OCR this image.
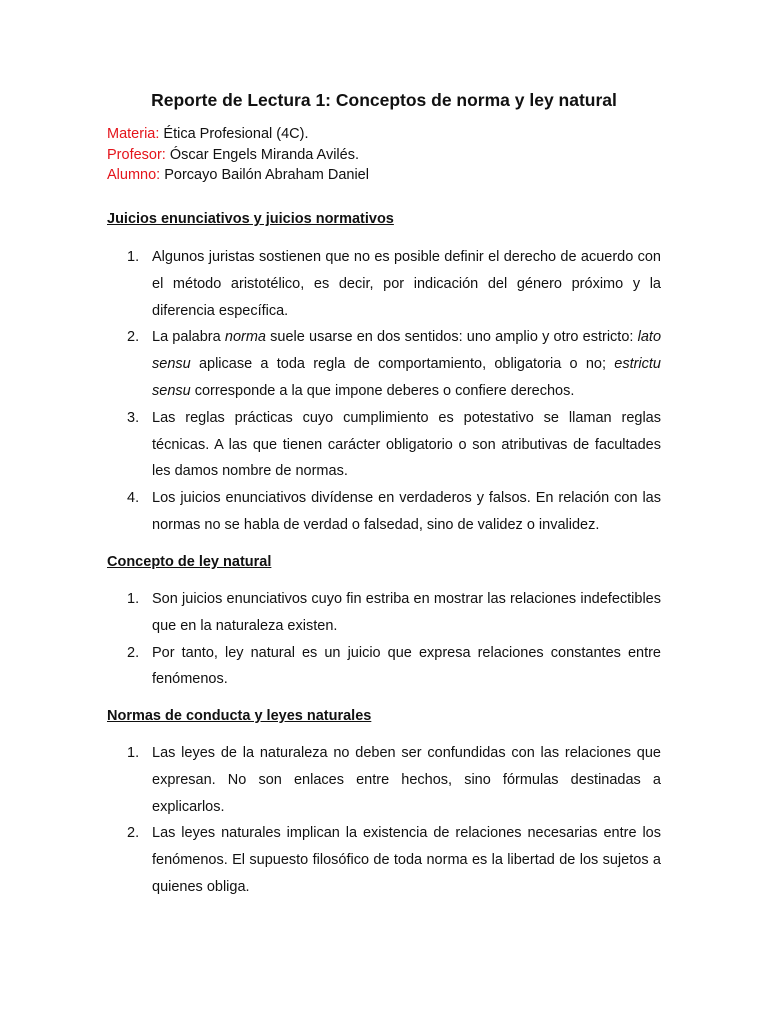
Reporte de Lectura 1: Conceptos de norma y ley natural
Materia: Ética Profesional (4C).
Profesor: Óscar Engels Miranda Avilés.
Alumno: Porcayo Bailón Abraham Daniel
Juicios enunciativos y juicios normativos
1. Algunos juristas sostienen que no es posible definir el derecho de acuerdo con el método aristotélico, es decir, por indicación del género próximo y la diferencia específica.
2. La palabra norma suele usarse en dos sentidos: uno amplio y otro estricto: lato sensu aplicase a toda regla de comportamiento, obligatoria o no; estrictu sensu corresponde a la que impone deberes o confiere derechos.
3. Las reglas prácticas cuyo cumplimiento es potestativo se llaman reglas técnicas. A las que tienen carácter obligatorio o son atributivas de facultades les damos nombre de normas.
4. Los juicios enunciativos divídense en verdaderos y falsos. En relación con las normas no se habla de verdad o falsedad, sino de validez o invalidez.
Concepto de ley natural
1. Son juicios enunciativos cuyo fin estriba en mostrar las relaciones indefectibles que en la naturaleza existen.
2. Por tanto, ley natural es un juicio que expresa relaciones constantes entre fenómenos.
Normas de conducta y leyes naturales
1. Las leyes de la naturaleza no deben ser confundidas con las relaciones que expresan. No son enlaces entre hechos, sino fórmulas destinadas a explicarlos.
2. Las leyes naturales implican la existencia de relaciones necesarias entre los fenómenos. El supuesto filosófico de toda norma es la libertad de los sujetos a quienes obliga.
